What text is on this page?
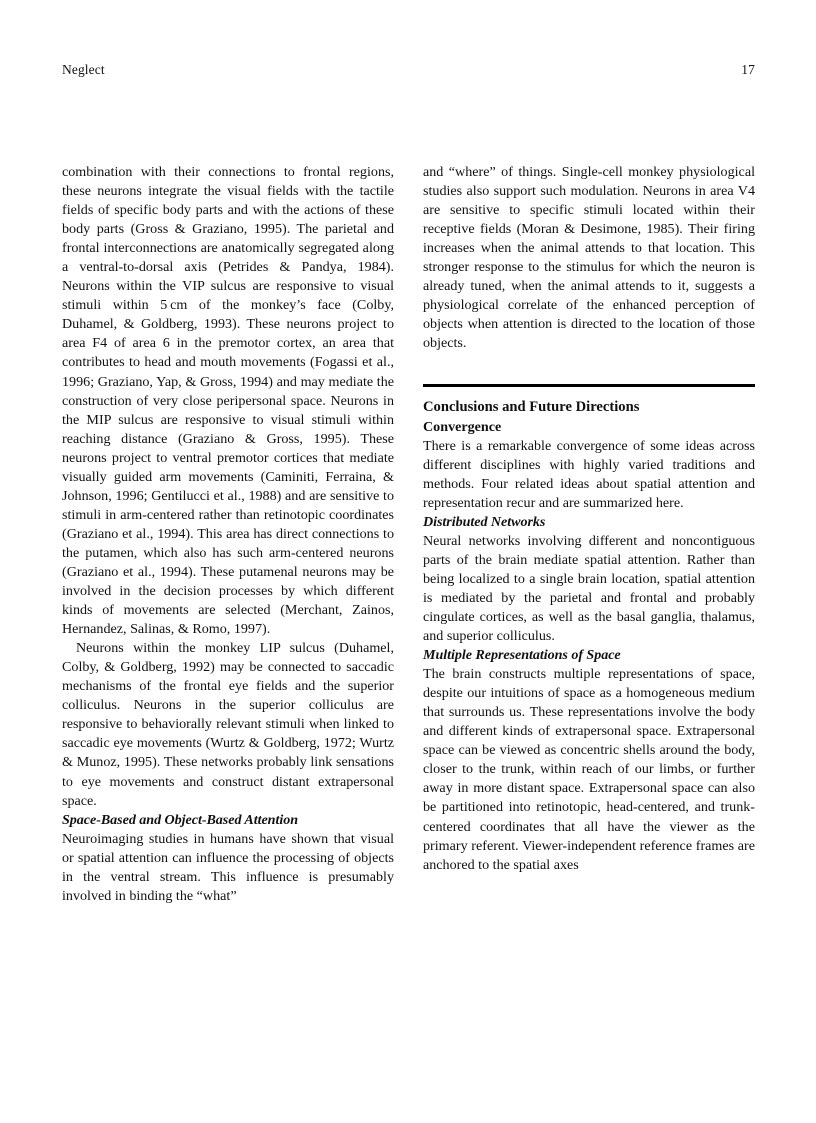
Neglect	17

combination with their connections to frontal regions, these neurons integrate the visual fields with the tactile fields of specific body parts and with the actions of these body parts (Gross & Graziano, 1995). The parietal and frontal interconnections are anatomically segregated along a ventral-to-dorsal axis (Petrides & Pandya, 1984). Neurons within the VIP sulcus are responsive to visual stimuli within 5 cm of the monkey’s face (Colby, Duhamel, & Goldberg, 1993). These neurons project to area F4 of area 6 in the premotor cortex, an area that contributes to head and mouth movements (Fogassi et al., 1996; Graziano, Yap, & Gross, 1994) and may mediate the construction of very close peripersonal space. Neurons in the MIP sulcus are responsive to visual stimuli within reaching distance (Graziano & Gross, 1995). These neurons project to ventral premotor cortices that mediate visually guided arm movements (Caminiti, Ferraina, & Johnson, 1996; Gentilucci et al., 1988) and are sensitive to stimuli in arm-centered rather than retinotopic coordinates (Graziano et al., 1994). This area has direct connections to the putamen, which also has such arm-centered neurons (Graziano et al., 1994). These putamenal neurons may be involved in the decision processes by which different kinds of movements are selected (Merchant, Zainos, Hernandez, Salinas, & Romo, 1997).

Neurons within the monkey LIP sulcus (Duhamel, Colby, & Goldberg, 1992) may be connected to saccadic mechanisms of the frontal eye fields and the superior colliculus. Neurons in the superior colliculus are responsive to behaviorally relevant stimuli when linked to saccadic eye movements (Wurtz & Goldberg, 1972; Wurtz & Munoz, 1995). These networks probably link sensations to eye movements and construct distant extrapersonal space.

Space-Based and Object-Based Attention

Neuroimaging studies in humans have shown that visual or spatial attention can influence the processing of objects in the ventral stream. This influence is presumably involved in binding the “what”

and “where” of things. Single-cell monkey physiological studies also support such modulation. Neurons in area V4 are sensitive to specific stimuli located within their receptive fields (Moran & Desimone, 1985). Their firing increases when the animal attends to that location. This stronger response to the stimulus for which the neuron is already tuned, when the animal attends to it, suggests a physiological correlate of the enhanced perception of objects when attention is directed to the location of those objects.

Conclusions and Future Directions
Convergence

There is a remarkable convergence of some ideas across different disciplines with highly varied traditions and methods. Four related ideas about spatial attention and representation recur and are summarized here.

Distributed Networks

Neural networks involving different and noncontiguous parts of the brain mediate spatial attention. Rather than being localized to a single brain location, spatial attention is mediated by the parietal and frontal and probably cingulate cortices, as well as the basal ganglia, thalamus, and superior colliculus.

Multiple Representations of Space

The brain constructs multiple representations of space, despite our intuitions of space as a homogeneous medium that surrounds us. These representations involve the body and different kinds of extrapersonal space. Extrapersonal space can be viewed as concentric shells around the body, closer to the trunk, within reach of our limbs, or further away in more distant space. Extrapersonal space can also be partitioned into retinotopic, head-centered, and trunk-centered coordinates that all have the viewer as the primary referent. Viewer-independent reference frames are anchored to the spatial axes
